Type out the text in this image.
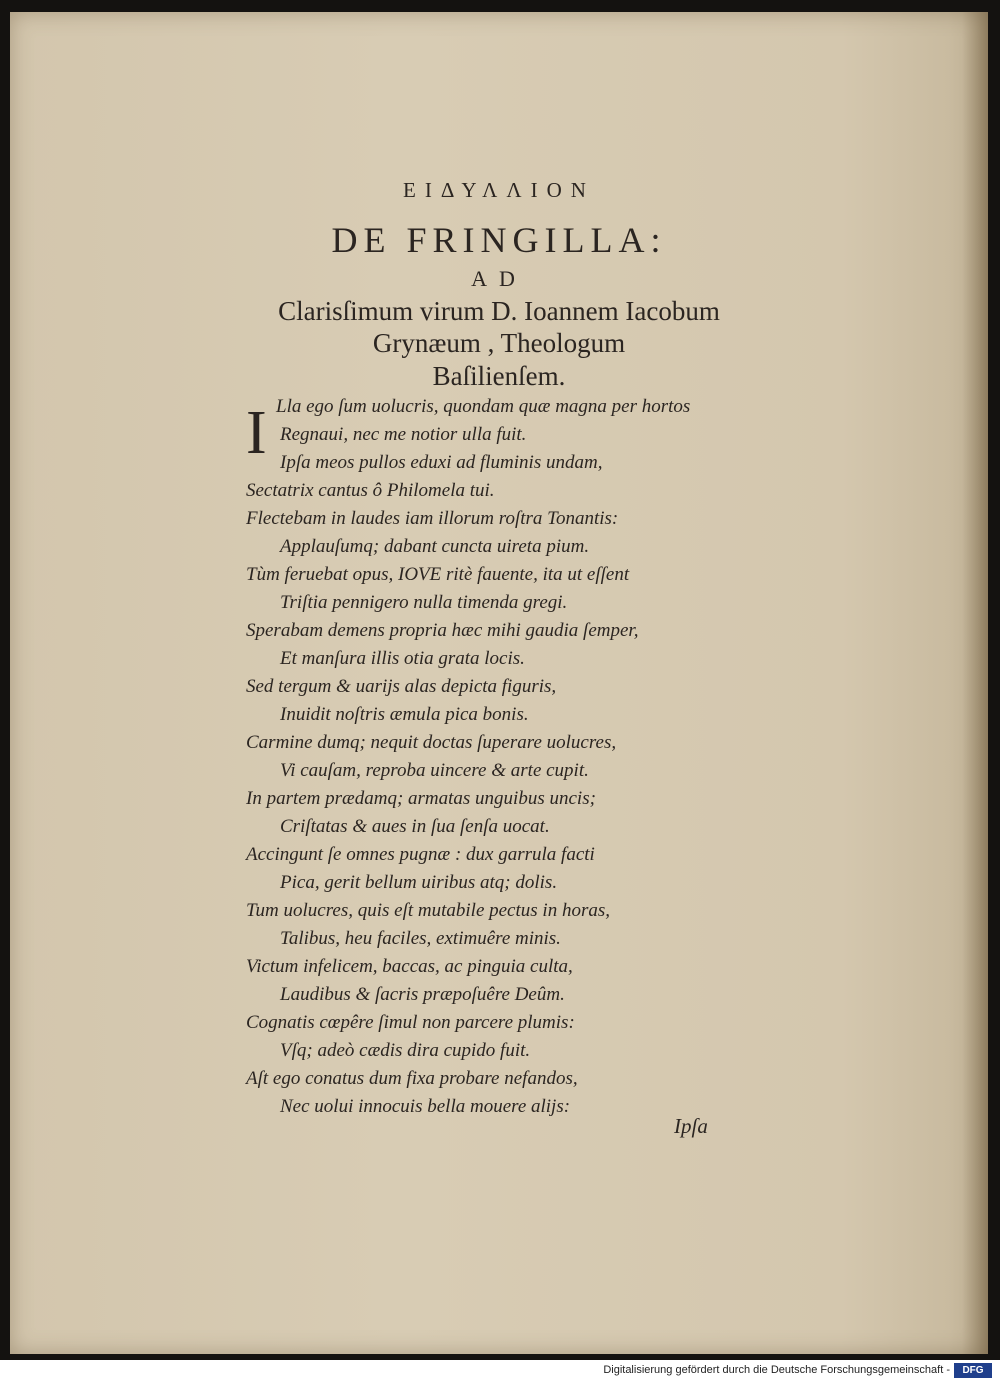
ΕΙΔΥΛΛΙΟΝ
DE FRINGILLA:
AD
Clarisſimum virum D. Ioannem Iacobum
Grynæum , Theologum
Baſilienſem.
I Lla ego ſum uolucris, quondam quæ magna per hortos
Regnaui, nec me notior ulla fuit.
Ipſa meos pullos eduxi ad fluminis undam,
Sectatrix cantus ô Philomela tui.
Flectebam in laudes iam illorum roſtra Tonantis:
Applauſumq; dabant cuncta uireta pium.
Tùm feruebat opus, IOVE ritè fauente, ita ut eſſent
Triſtia pennigero nulla timenda gregi.
Sperabam demens propria hæc mihi gaudia ſemper,
Et manſura illis otia grata locis.
Sed tergum & uarijs alas depicta figuris,
Inuidit noſtris æmula pica bonis.
Carmine dumq; nequit doctas ſuperare uolucres,
Vi cauſam, reproba uincere & arte cupit.
In partem prædamq; armatas unguibus uncis;
Criſtatas & aues in ſua ſenſa uocat.
Accingunt ſe omnes pugnæ : dux garrula facti
Pica, gerit bellum uiribus atq; dolis.
Tum uolucres, quis eſt mutabile pectus in horas,
Talibus, heu faciles, extimuêre minis.
Victum infelicem, baccas, ac pinguia culta,
Laudibus & ſacris præpoſuêre Deûm.
Cognatis cœpêre ſimul non parcere plumis:
Vſq; adeò cædis dira cupido fuit.
Aſt ego conatus dum fixa probare nefandos,
Nec uolui innocuis bella mouere alijs:
Ipſa
Digitalisierung gefördert durch die Deutsche Forschungsgemeinschaft -	DFG
